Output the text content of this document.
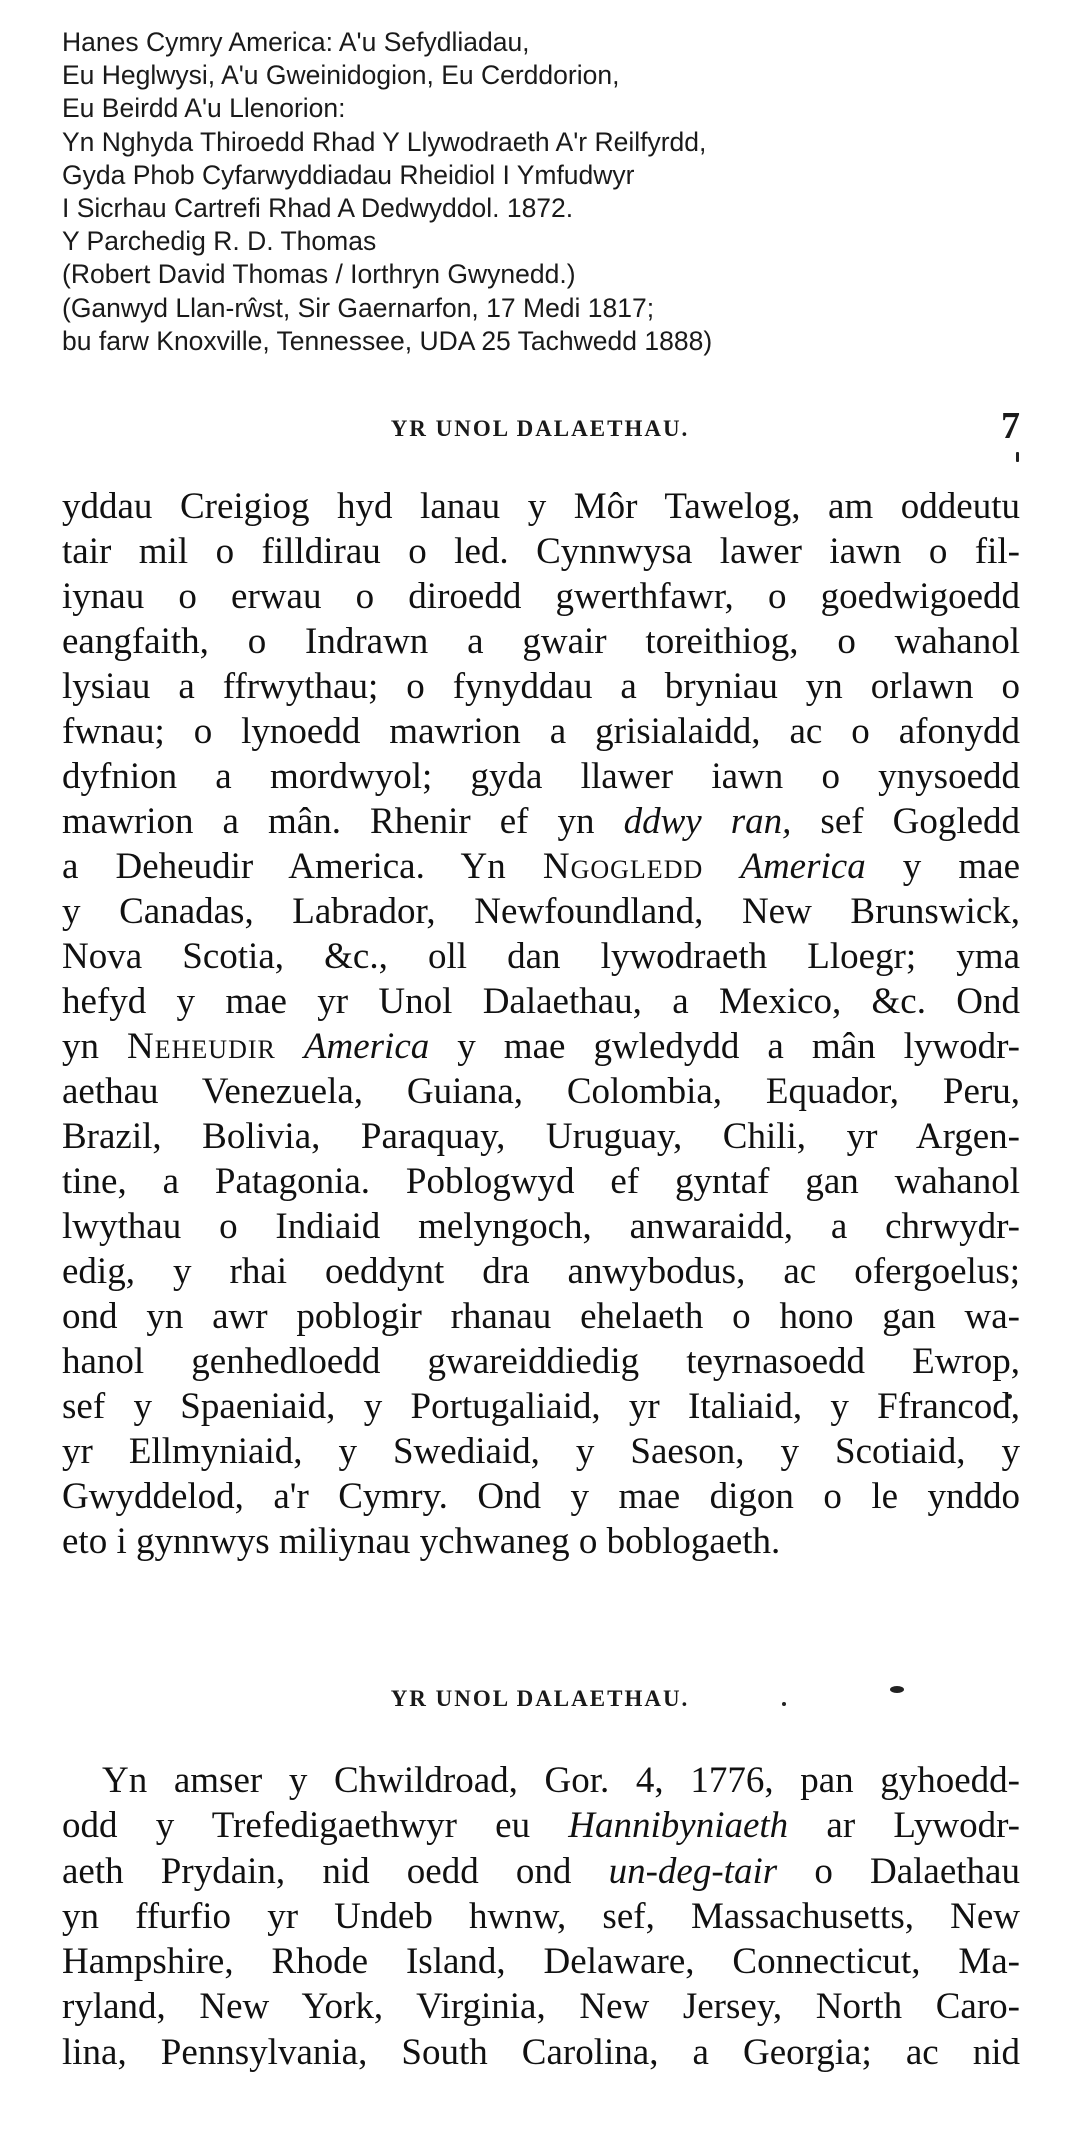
Hanes Cymry America: A'u Sefydliadau,
Eu Heglwysi, A'u Gweinidogion, Eu Cerddorion,
Eu Beirdd A'u Llenorion:
Yn Nghyda Thiroedd Rhad Y Llywodraeth A'r Reilfyrdd,
Gyda Phob Cyfarwyddiadau Rheidiol I Ymfudwyr
I Sicrhau Cartrefi Rhad A Dedwyddol. 1872.
Y Parchedig R. D. Thomas
(Robert David Thomas / Iorthryn Gwynedd.)
(Ganwyd Llan-rŵst, Sir Gaernarfon, 17 Medi 1817;
bu farw Knoxville, Tennessee, UDA 25 Tachwedd 1888)
YR UNOL DALAETHAU.	7
yddau Creigiog hyd lanau y Môr Tawelog, am oddeutu
tair mil o filldirau o led. Cynnwysa lawer iawn o fil-
iynau o erwau o diroedd gwerthfawr, o goedwigoedd
eangfaith, o Indrawn a gwair toreithiog, o wahanol
lysiau a ffrwythau; o fynyddau a bryniau yn orlawn o
fwnau; o lynoedd mawrion a grisialaidd, ac o afonydd
dyfnion a mordwyol; gyda llawer iawn o ynysoedd
mawrion a mân. Rhenir ef yn ddwy ran, sef Gogledd
a Deheudir America. Yn Ngogledd America y mae
y Canadas, Labrador, Newfoundland, New Brunswick,
Nova Scotia, &c., oll dan lywodraeth Lloegr; yma
hefyd y mae yr Unol Dalaethau, a Mexico, &c. Ond
yn Neheudir America y mae gwledydd a mân lywodr-
aethau Venezuela, Guiana, Colombia, Equador, Peru,
Brazil, Bolivia, Paraquay, Uruguay, Chili, yr Argen-
tine, a Patagonia. Poblogwyd ef gyntaf gan wahanol
lwythau o Indiaid melyngoch, anwaraidd, a chrwydr-
edig, y rhai oeddynt dra anwybodus, ac ofergoelus;
ond yn awr poblogir rhanau ehelaeth o hono gan wa-
hanol genhedloedd gwareiddiedig teyrnasoedd Ewrop,
sef y Spaeniaid, y Portugaliaid, yr Italiaid, y Ffrancod,
yr Ellmyniaid, y Swediaid, y Saeson, y Scotiaid, y
Gwyddelod, a'r Cymry. Ond y mae digon o le ynddo
eto i gynnwys miliynau ychwaneg o boblogaeth.
YR UNOL DALAETHAU.
Yn amser y Chwildroad, Gor. 4, 1776, pan gyhoedd-
odd y Trefedigaethwyr eu Hannibyniaeth ar Lywodr-
aeth Prydain, nid oedd ond un-deg-tair o Dalaethau
yn ffurfio yr Undeb hwnw, sef, Massachusetts, New
Hampshire, Rhode Island, Delaware, Connecticut, Ma-
ryland, New York, Virginia, New Jersey, North Caro-
lina, Pennsylvania, South Carolina, a Georgia; ac nid
